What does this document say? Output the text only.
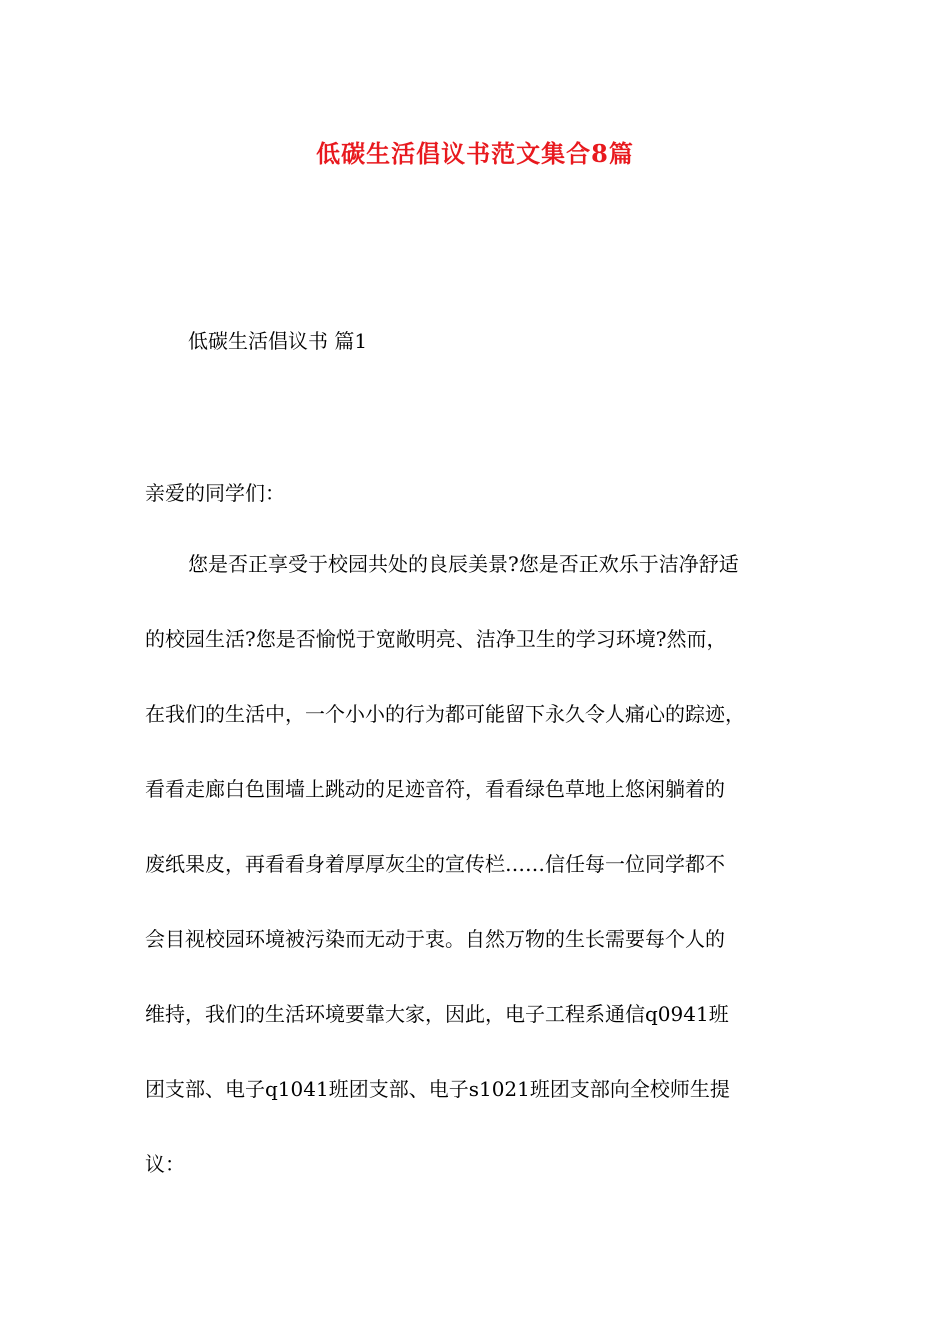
低碳生活倡议书范文集合8篇
低碳生活倡议书 篇1
亲爱的同学们：
您是否正享受于校园共处的良辰美景?您是否正欢乐于洁净舒适
的校园生活?您是否愉悦于宽敞明亮、洁净卫生的学习环境?然而，
在我们的生活中，一个小小的行为都可能留下永久令人痛心的踪迹，
看看走廊白色围墙上跳动的足迹音符，看看绿色草地上悠闲躺着的
废纸果皮，再看看身着厚厚灰尘的宣传栏……信任每一位同学都不
会目视校园环境被污染而无动于衷。自然万物的生长需要每个人的
维持，我们的生活环境要靠大家，因此，电子工程系通信q0941班
团支部、电子q1041班团支部、电子s1021班团支部向全校师生提
议：
